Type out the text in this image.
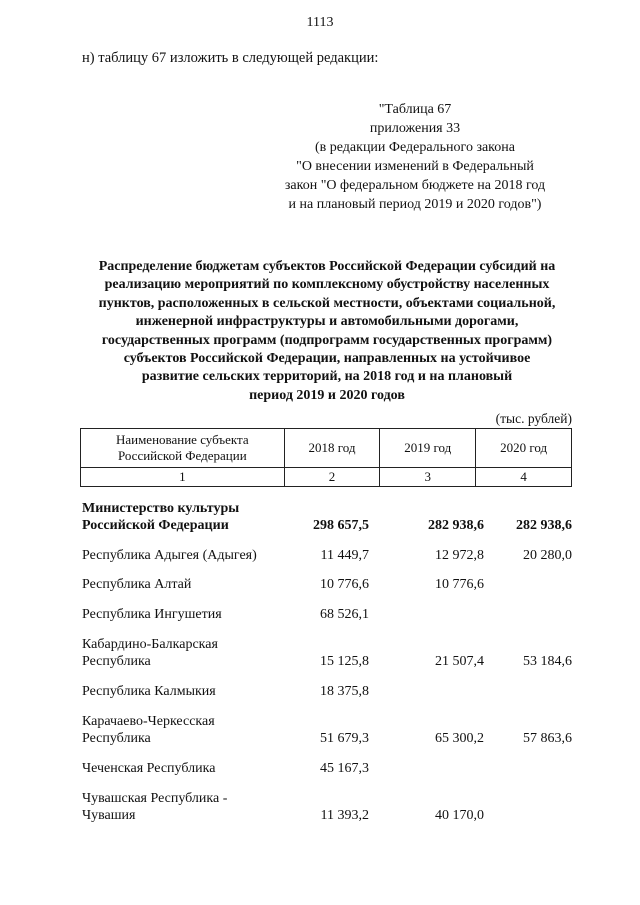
1113
н) таблицу 67 изложить в следующей редакции:
"Таблица 67
приложения 33
(в редакции Федерального закона
"О внесении изменений в Федеральный
закон "О федеральном бюджете на 2018 год
и на плановый период 2019 и 2020 годов")
Распределение бюджетам субъектов Российской Федерации субсидий на
реализацию мероприятий по комплексному обустройству населенных
пунктов, расположенных в сельской местности, объектами социальной,
инженерной инфраструктуры и автомобильными дорогами,
государственных программ (подпрограмм государственных программ)
субъектов Российской Федерации, направленных на устойчивое
развитие сельских территорий, на 2018 год и на плановый
период 2019 и 2020 годов
(тыс. рублей)
Наименование субъекта
Российской Федерации	2018 год	2019 год	2020 год
1	2	3	4
Министерство культуры
Российской Федерации	298 657,5	282 938,6	282 938,6
Республика Адыгея (Адыгея)	11 449,7	12 972,8	20 280,0
Республика Алтай	10 776,6	10 776,6
Республика Ингушетия	68 526,1
Кабардино-Балкарская
Республика	15 125,8	21 507,4	53 184,6
Республика Калмыкия	18 375,8
Карачаево-Черкесская
Республика	51 679,3	65 300,2	57 863,6
Чеченская Республика	45 167,3
Чувашская Республика -
Чувашия	11 393,2	40 170,0
